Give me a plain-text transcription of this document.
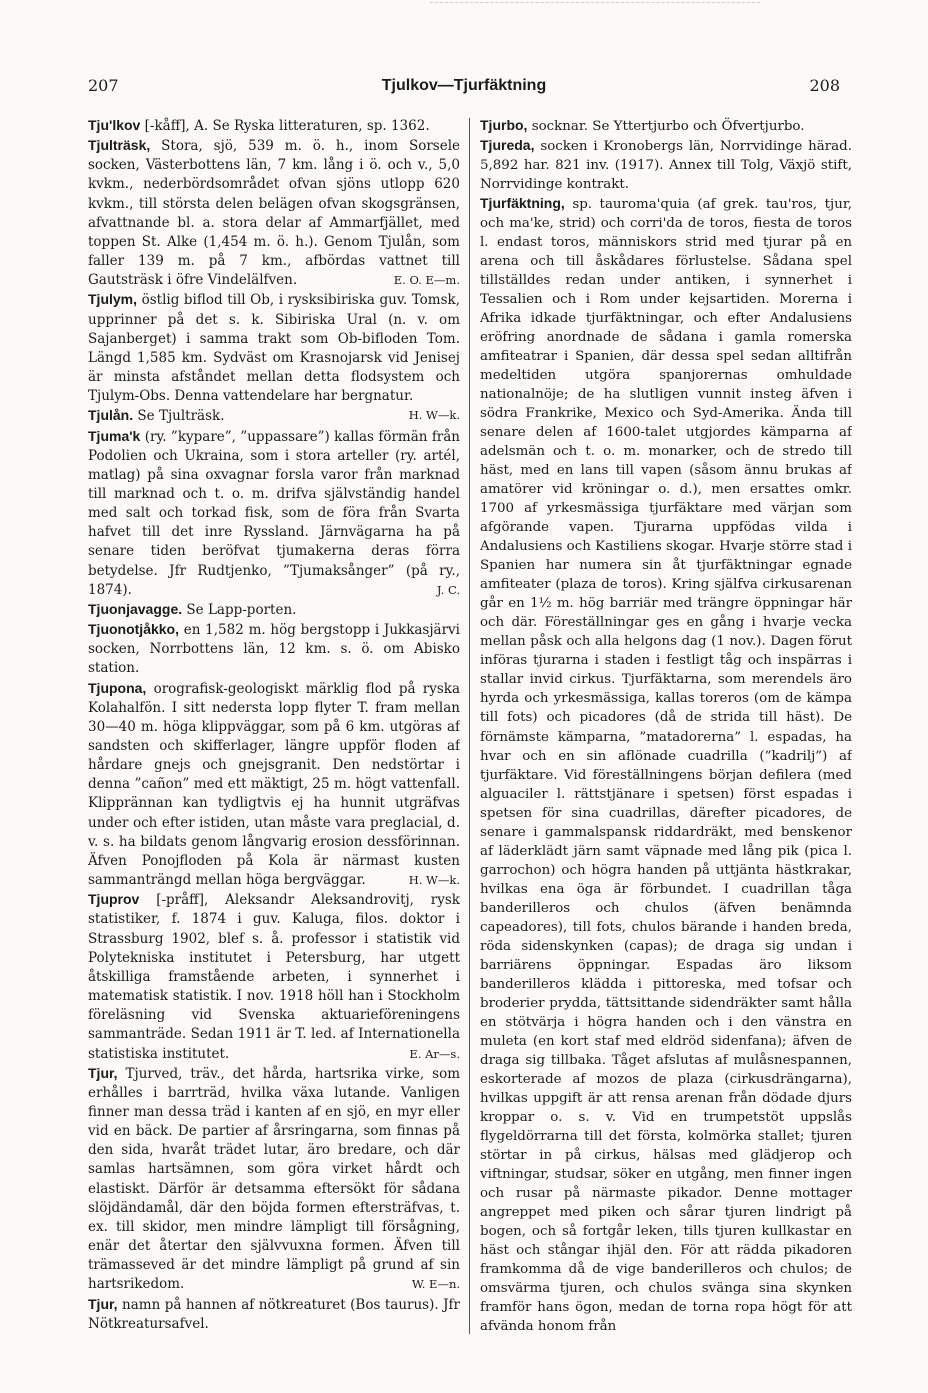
207	Tjulkov—Tjurfäktning	208

Tju'lkov [-kåff], A. Se Ryska litteraturen, sp. 1362.

Tjulträsk, Stora, sjö, 539 m. ö. h., inom Sorsele socken, Västerbottens län, 7 km. lång i ö. och v., 5,0 kvkm., nederbördsområdet ofvan sjöns utlopp 620 kvkm., till största delen belägen ofvan skogsgränsen, afvattnande bl. a. stora delar af Ammarfjället, med toppen St. Alke (1,454 m. ö. h.). Genom Tjulån, som faller 139 m. på 7 km., afbördas vattnet till Gautsträsk i öfre Vindelälfven.	E. O. E—m.

Tjulym, östlig biflod till Ob, i rysksibiriska guv. Tomsk, upprinner på det s. k. Sibiriska Ural (n. v. om Sajanberget) i samma trakt som Ob-bifloden Tom. Längd 1,585 km. Sydväst om Krasnojarsk vid Jenisej är minsta afståndet mellan detta flodsystem och Tjulym-Obs. Denna vattendelare har bergnatur.
H. W—k.

Tjulån. Se Tjulträsk.

Tjuma'k (ry. ”kypare”, ”uppassare”) kallas förmän från Podolien och Ukraina, som i stora arteller (ry. artél, matlag) på sina oxvagnar forsla varor från marknad till marknad och t. o. m. drifva självständig handel med salt och torkad fisk, som de föra från Svarta hafvet till det inre Ryssland. Järnvägarna ha på senare tiden beröfvat tjumakerna deras förra betydelse. Jfr Rudtjenko, ”Tjumaksånger” (på ry., 1874).	J. C.

Tjuonjavagge. Se Lapp-porten.

Tjuonotjåkko, en 1,582 m. hög bergstopp i Jukkasjärvi socken, Norrbottens län, 12 km. s. ö. om Abisko station.

Tjupona, orografisk-geologiskt märklig flod på ryska Kolahalfön. I sitt nedersta lopp flyter T. fram mellan 30—40 m. höga klippväggar, som på 6 km. utgöras af sandsten och skifferlager, längre uppför floden af hårdare gnejs och gnejsgranit. Den nedstörtar i denna ”cañon” med ett mäktigt, 25 m. högt vattenfall. Klipprännan kan tydligtvis ej ha hunnit utgräfvas under och efter istiden, utan måste vara preglacial, d. v. s. ha bildats genom långvarig erosion dessförinnan. Äfven Ponojfloden på Kola är närmast kusten sammanträngd mellan höga bergväggar.	H. W—k.

Tjuprov [-pråff], Aleksandr Aleksandrovitj, rysk statistiker, f. 1874 i guv. Kaluga, filos. doktor i Strassburg 1902, blef s. å. professor i statistik vid Polytekniska institutet i Petersburg, har utgett åtskilliga framstående arbeten, i synnerhet i matematisk statistik. I nov. 1918 höll han i Stockholm föreläsning vid Svenska aktuarieföreningens sammanträde. Sedan 1911 är T. led. af Internationella statistiska institutet.	E. Ar—s.

Tjur, Tjurved, träv., det hårda, hartsrika virke, som erhålles i barrträd, hvilka växa lutande. Vanligen finner man dessa träd i kanten af en sjö, en myr eller vid en bäck. De partier af årsringarna, som finnas på den sida, hvaråt trädet lutar, äro bredare, och där samlas hartsämnen, som göra virket hårdt och elastiskt. Därför är detsamma eftersökt för sådana slöjdändamål, där den böjda formen eftersträfvas, t. ex. till skidor, men mindre lämpligt till försågning, enär det återtar den självvuxna formen. Äfven till trämasseved är det mindre lämpligt på grund af sin hartsrikedom.	W. E—n.

Tjur, namn på hannen af nötkreaturet (Bos taurus). Jfr Nötkreatursafvel.

Tjurbo, socknar. Se Yttertjurbo och Öfvertjurbo.

Tjureda, socken i Kronobergs län, Norrvidinge härad. 5,892 har. 821 inv. (1917). Annex till Tolg, Växjö stift, Norrvidinge kontrakt.

Tjurfäktning, sp. tauroma'quia (af grek. tau'ros, tjur, och ma'ke, strid) och corri'da de toros, fiesta de toros l. endast toros, människors strid med tjurar på en arena och till åskådares förlustelse. Sådana spel tillställdes redan under antiken, i synnerhet i Tessalien och i Rom under kejsartiden. Morerna i Afrika idkade tjurfäktningar, och efter Andalusiens eröfring anordnade de sådana i gamla romerska amfiteatrar i Spanien, där dessa spel sedan alltifrån medeltiden utgöra spanjorernas omhuldade nationalnöje; de ha slutligen vunnit insteg äfven i södra Frankrike, Mexico och Syd-Amerika. Ända till senare delen af 1600-talet utgjordes kämparna af adelsmän och t. o. m. monarker, och de stredo till häst, med en lans till vapen (såsom ännu brukas af amatörer vid kröningar o. d.), men ersattes omkr. 1700 af yrkesmässiga tjurfäktare med värjan som afgörande vapen. Tjurarna uppfödas vilda i Andalusiens och Kastiliens skogar. Hvarje större stad i Spanien har numera sin åt tjurfäktningar egnade amfiteater (plaza de toros). Kring själfva cirkusarenan går en 1½ m. hög barriär med trängre öppningar här och där. Föreställningar ges en gång i hvarje vecka mellan påsk och alla helgons dag (1 nov.). Dagen förut införas tjurarna i staden i festligt tåg och inspärras i stallar invid cirkus. Tjurfäktarna, som merendels äro hyrda och yrkesmässiga, kallas toreros (om de kämpa till fots) och picadores (då de strida till häst). De förnämste kämparna, ”matadorerna” l. espadas, ha hvar och en sin aflönade cuadrilla (”kadrilj”) af tjurfäktare. Vid föreställningens början defilera (med alguaciler l. rättstjänare i spetsen) först espadas i spetsen för sina cuadrillas, därefter picadores, de senare i gammalspansk riddardräkt, med benskenor af läderklädt järn samt väpnade med lång pik (pica l. garrochon) och högra handen på uttjänta hästkrakar, hvilkas ena öga är förbundet. I cuadrillan tåga banderilleros och chulos (äfven benämnda capeadores), till fots, chulos bärande i handen breda, röda sidenskynken (capas); de draga sig undan i barriärens öppningar. Espadas äro liksom banderilleros klädda i pittoreska, med tofsar och broderier prydda, tättsittande sidendräkter samt hålla en stötvärja i högra handen och i den vänstra en muleta (en kort staf med eldröd sidenfana); äfven de draga sig tillbaka. Tåget afslutas af mulåsnespannen, eskorterade af mozos de plaza (cirkusdrängarna), hvilkas uppgift är att rensa arenan från dödade djurs kroppar o. s. v. Vid en trumpetstöt uppslås flygeldörrarna till det första, kolmörka stallet; tjuren störtar in på cirkus, hälsas med glädjerop och viftningar, studsar, söker en utgång, men finner ingen och rusar på närmaste pikador. Denne mottager angreppet med piken och sårar tjuren lindrigt på bogen, och så fortgår leken, tills tjuren kullkastar en häst och stångar ihjäl den. För att rädda pikadoren framkomma då de vige banderilleros och chulos; de omsvärma tjuren, och chulos svänga sina skynken framför hans ögon, medan de torna ropa högt för att afvända honom från
